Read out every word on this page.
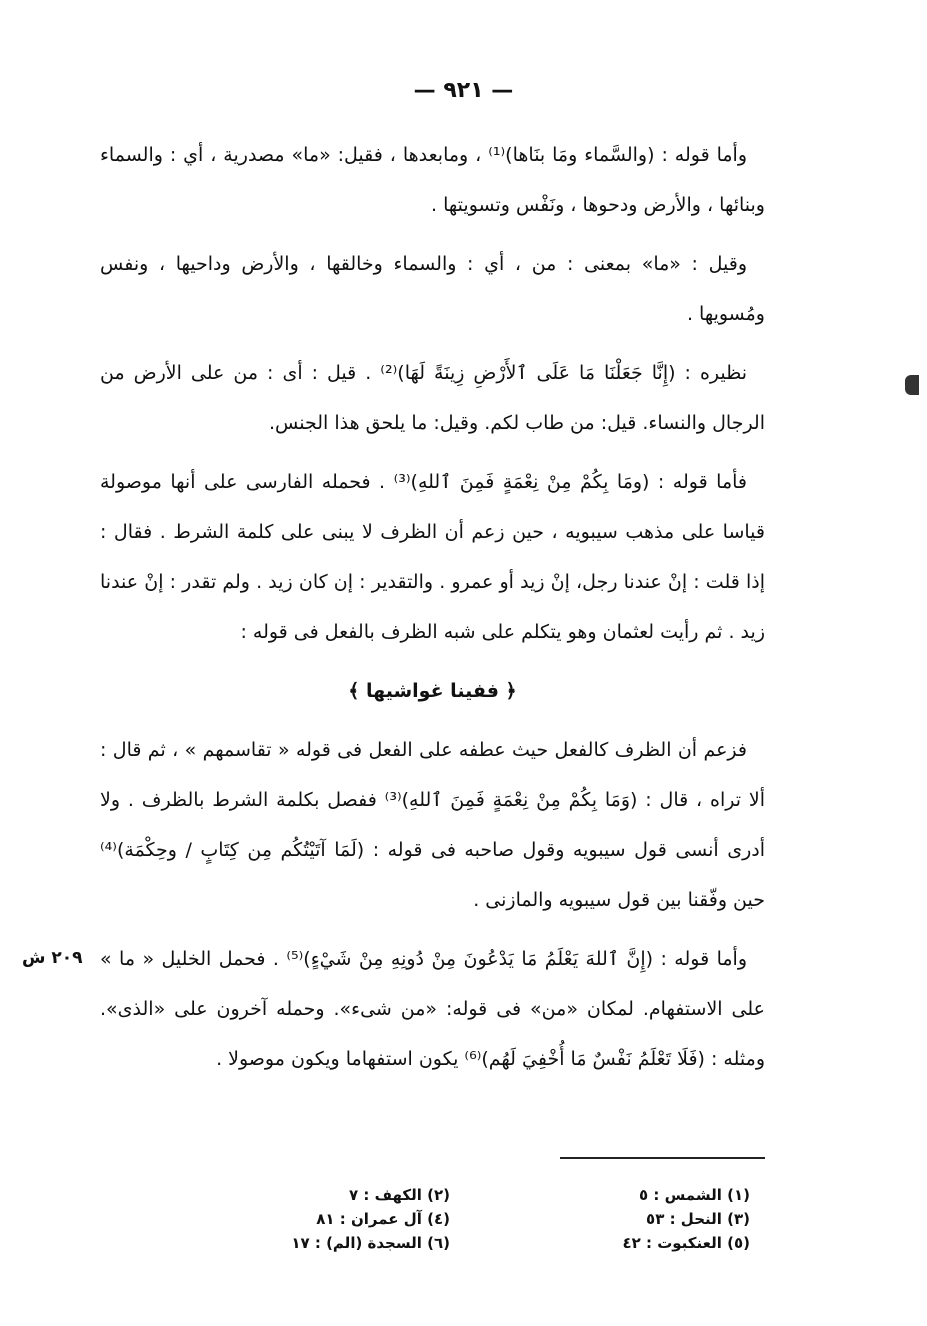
— ٩٢١ —

وأما قوله : (والسَّماء ومَا بنَاها)⁽¹⁾ ، ومابعدها ، فقيل: «ما» مصدرية ، أي : والسماء وبنائها ، والأرض ودحوها ، ونَفْس وتسويتها .

وقيل : «ما» بمعنى : من ، أي : والسماء وخالقها ، والأرض وداحيها ، ونفس ومُسويها .

نظيره : (إِنَّا جَعَلْنَا مَا عَلَى ٱلأَرْضِ زِينَةً لَهَا)⁽²⁾ . قيل : أى : من على الأرض من الرجال والنساء. قيل: من طاب لكم. وقيل: ما يلحق هذا الجنس.

فأما قوله : (ومَا بِكُمْ مِنْ نِعْمَةٍ فَمِنَ ٱللهِ)⁽³⁾ . فحمله الفارسى على أنها موصولة قياسا على مذهب سيبويه ، حين زعم أن الظرف لا يبنى على كلمة الشرط . فقال : إذا قلت : إنْ عندنا رجل، إنْ زيد أو عمرو . والتقدير : إن كان زيد . ولم تقدر : إنْ عندنا زيد . ثم رأيت لعثمان وهو يتكلم على شبه الظرف بالفعل فى قوله :

﴿ ففينا غواشيها ﴾

فزعم أن الظرف كالفعل حيث عطفه على الفعل فى قوله « تقاسمهم » ، ثم قال : ألا تراه ، قال : (وَمَا بِكُمْ مِنْ نِعْمَةٍ فَمِنَ ٱللهِ)⁽³⁾ ففصل بكلمة الشرط بالظرف . ولا أدرى أنسى قول سيبويه وقول صاحبه فى قوله : (لَمَا آتَيْتُكُم مِن كِتَابٍ / وحِكْمَة)⁽⁴⁾ حين وفّقنا بين قول سيبويه والمازنى .

وأما قوله : (إِنَّ ٱللهَ يَعْلَمُ مَا يَدْعُونَ مِنْ دُونِهِ مِنْ شَيْءٍ)⁽⁵⁾ . فحمل الخليل « ما » على الاستفهام. لمكان «من» فى قوله: «من شىء». وحمله آخرون على «الذى». ومثله : (فَلَا تَعْلَمُ نَفْسٌ مَا أُخْفِيَ لَهُم)⁽⁶⁾ يكون استفهاما ويكون موصولا .

٢٠٩ ش
(١) الشمس : ٥
(٢) الكهف : ٧
(٣) النحل : ٥٣
(٤) آل عمران : ٨١
(٥) العنكبوت : ٤٢
(٦) السجدة (الم) : ١٧
